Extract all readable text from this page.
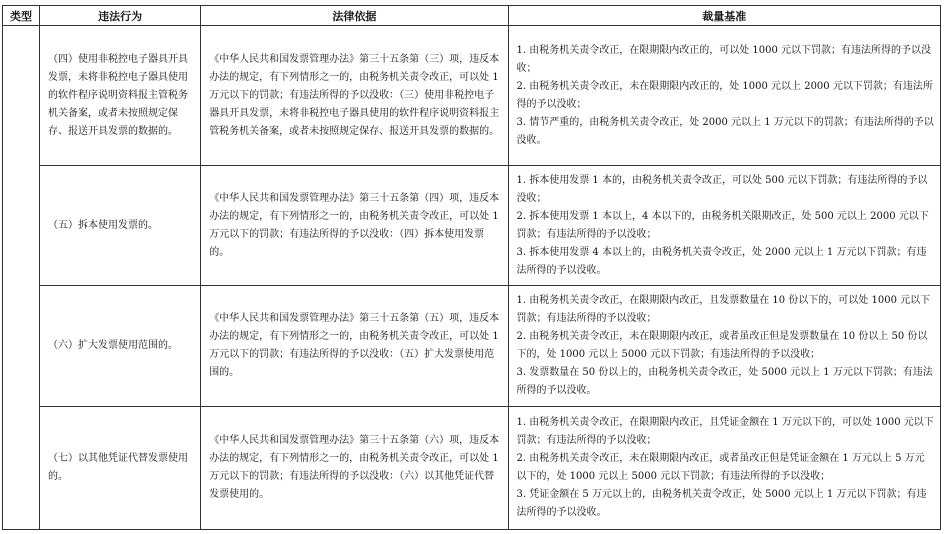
类型	违法行为	法律依据	裁量基准
	（四）使用非税控电子器具开具发票，未将非税控电子器具使用的软件程序说明资料报主管税务机关备案，或者未按照规定保存、报送开具发票的数据的。	《中华人民共和国发票管理办法》第三十五条第（三）项，违反本办法的规定，有下列情形之一的，由税务机关责令改正，可以处 1 万元以下的罚款；有违法所得的予以没收：（三）使用非税控电子器具开具发票，未将非税控电子器具使用的软件程序说明资料报主管税务机关备案，或者未按照规定保存、报送开具发票的数据的。	1. 由税务机关责令改正，在限期限内改正的，可以处 1000 元以下罚款；有违法所得的予以没收；
2. 由税务机关责令改正，未在限期限内改正的，处 1000 元以上 2000 元以下罚款；有违法所得的予以没收；
3. 情节严重的，由税务机关责令改正，处 2000 元以上 1 万元以下的罚款；有违法所得的予以没收。

	（五）拆本使用发票的。	《中华人民共和国发票管理办法》第三十五条第（四）项，违反本办法的规定，有下列情形之一的，由税务机关责令改正，可以处 1 万元以下的罚款；有违法所得的予以没收：（四）拆本使用发票的。	1. 拆本使用发票 1 本的，由税务机关责令改正，可以处 500 元以下罚款；有违法所得的予以没收；
2. 拆本使用发票 1 本以上，4 本以下的，由税务机关限期改正，处 500 元以上 2000 元以下罚款；有违法所得的予以没收；
3. 拆本使用发票 4 本以上的，由税务机关责令改正，处 2000 元以上 1 万元以下罚款；有违法所得的予以没收。

	（六）扩大发票使用范围的。	《中华人民共和国发票管理办法》第三十五条第（五）项，违反本办法的规定，有下列情形之一的，由税务机关责令改正，可以处 1 万元以下的罚款；有违法所得的予以没收：（五）扩大发票使用范围的。	1. 由税务机关责令改正，在限期限内改正，且发票数量在 10 份以下的，可以处 1000 元以下罚款；有违法所得的予以没收；
2. 由税务机关责令改正，未在限期限内改正，或者虽改正但是发票数量在 10 份以上 50 份以下的，处 1000 元以上 5000 元以下罚款；有违法所得的予以没收；
3. 发票数量在 50 份以上的，由税务机关责令改正，处 5000 元以上 1 万元以下罚款；有违法所得的予以没收。

	（七）以其他凭证代替发票使用的。	《中华人民共和国发票管理办法》第三十五条第（六）项，违反本办法的规定，有下列情形之一的，由税务机关责令改正，可以处 1 万元以下的罚款；有违法所得的予以没收：（六）以其他凭证代替发票使用的。	1. 由税务机关责令改正，在限期限内改正，且凭证金额在 1 万元以下的，可以处 1000 元以下罚款；有违法所得的予以没收；
2. 由税务机关责令改正，未在限期限内改正，或者虽改正但是凭证金额在 1 万元以上 5 万元以下的，处 1000 元以上 5000 元以下罚款；有违法所得的予以没收；
3. 凭证金额在 5 万元以上的，由税务机关责令改正，处 5000 元以上 1 万元以下罚款；有违法所得的予以没收。
